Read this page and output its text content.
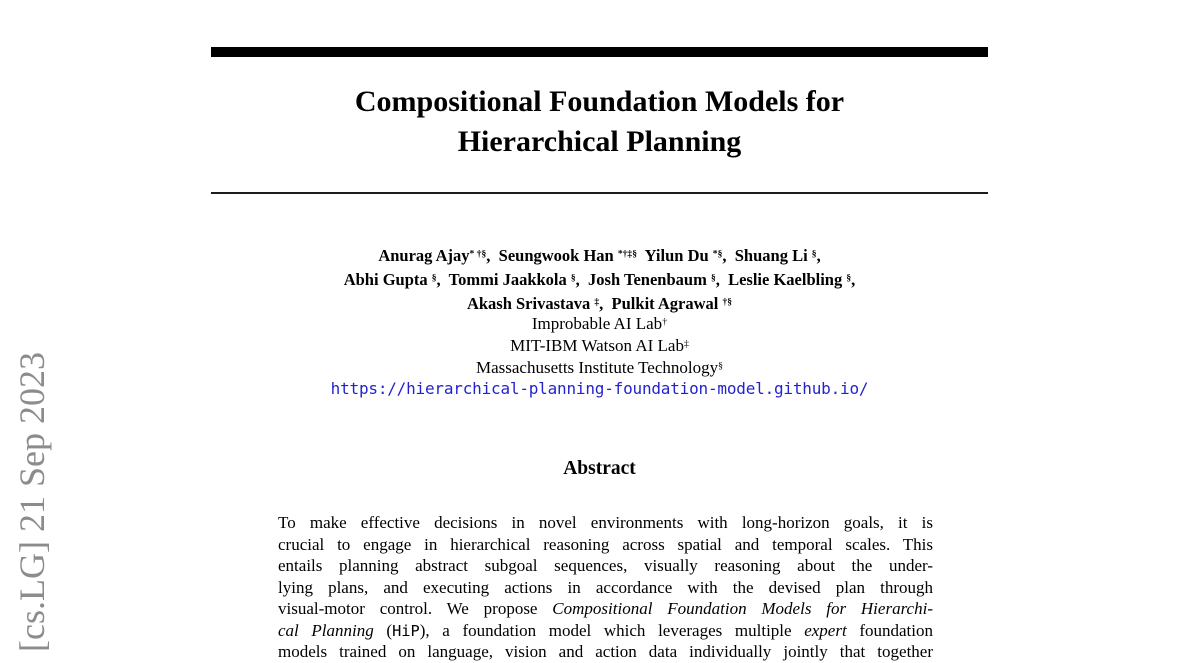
[cs.LG] 21 Sep 2023
Compositional Foundation Models for
Hierarchical Planning
Anurag Ajay* †§,  Seungwook Han *†‡§  Yilun Du *§,  Shuang Li §,
Abhi Gupta §,  Tommi Jaakkola §,  Josh Tenenbaum §,  Leslie Kaelbling §,
Akash Srivastava ‡,  Pulkit Agrawal †§
Improbable AI Lab†
MIT-IBM Watson AI Lab‡
Massachusetts Institute Technology§
https://hierarchical-planning-foundation-model.github.io/
Abstract
To make effective decisions in novel environments with long-horizon goals, it is
crucial to engage in hierarchical reasoning across spatial and temporal scales. This
entails planning abstract subgoal sequences, visually reasoning about the under-
lying plans, and executing actions in accordance with the devised plan through
visual-motor control. We propose Compositional Foundation Models for Hierarchi-
cal Planning (HiP), a foundation model which leverages multiple expert foundation
models trained on language, vision and action data individually jointly that together
